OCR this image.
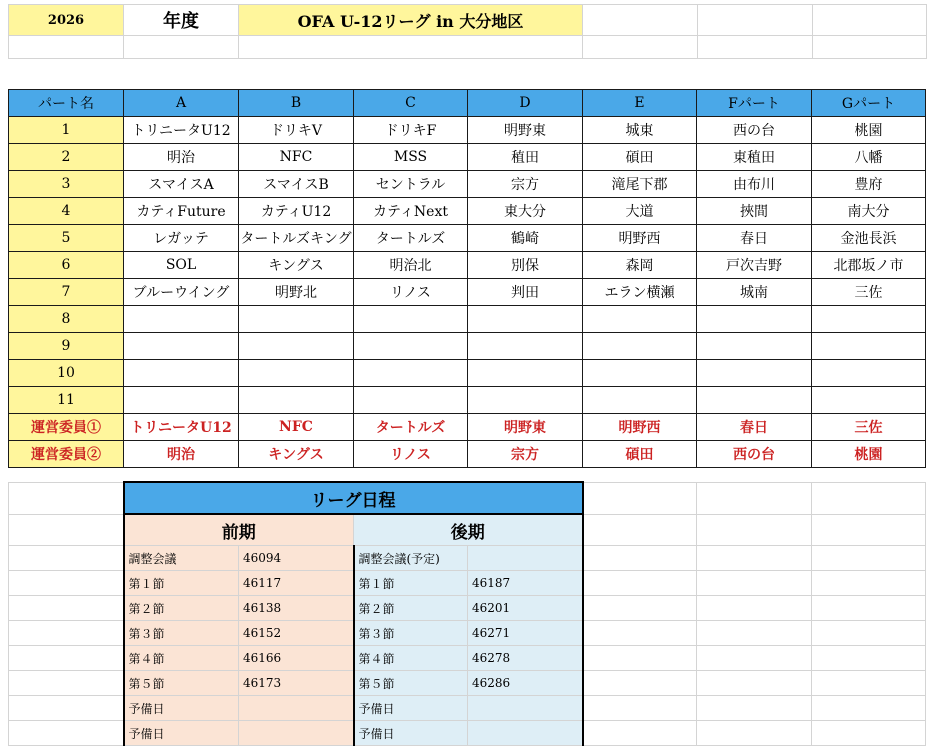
2026	年度	OFA U-12リーグ in 大分地区			

パート名	A	B	C	D	E	Fパート	Gパート
1	トリニータU12	ドリキV	ドリキF	明野東	城東	西の台	桃園
2	明治	NFC	MSS	稙田	碩田	東稙田	八幡
3	スマイスA	スマイスB	セントラル	宗方	滝尾下郡	由布川	豊府
4	カティFuture	カティU12	カティNext	東大分	大道	挾間	南大分
5	レガッテ	タートルズキング	タートルズ	鶴崎	明野西	春日	金池長浜
6	SOL	キングス	明治北	別保	森岡	戸次吉野	北郡坂ノ市
7	ブルーウイング	明野北	リノス	判田	エラン横瀬	城南	三佐
8							
9							
10							
11							
運営委員①	トリニータU12	NFC	タートルズ	明野東	明野西	春日	三佐
運営委員②	明治	キングス	リノス	宗方	碩田	西の台	桃園
	リーグ日程						
	前期		後期				
	調整会議	46094	調整会議(予定)				
	第１節	46117	第１節	46187			
	第２節	46138	第２節	46201			
	第３節	46152	第３節	46271			
	第４節	46166	第４節	46278			
	第５節	46173	第５節	46286			
	予備日		予備日				
	予備日		予備日				
